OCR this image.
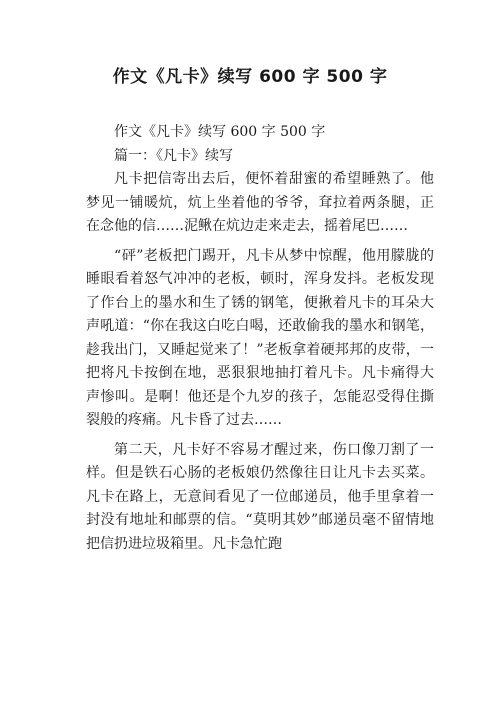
作文《凡卡》续写 600 字 500 字

作文《凡卡》续写 600 字 500 字

篇一：《凡卡》续写

凡卡把信寄出去后，便怀着甜蜜的希望睡熟了。他梦见一铺暖炕，炕上坐着他的爷爷，耷拉着两条腿，正在念他的信……泥鳅在炕边走来走去，摇着尾巴……

“砰”老板把门踢开，凡卡从梦中惊醒，他用朦胧的睡眼看着怒气冲冲的老板，顿时，浑身发抖。老板发现了作台上的墨水和生了锈的钢笔，便揪着凡卡的耳朵大声吼道：“你在我这白吃白喝，还敢偷我的墨水和钢笔，趁我出门，又睡起觉来了！”老板拿着硬邦邦的皮带，一把将凡卡按倒在地，恶狠狠地抽打着凡卡。凡卡痛得大声惨叫。是啊！他还是个九岁的孩子，怎能忍受得住撕裂般的疼痛。凡卡昏了过去……

第二天，凡卡好不容易才醒过来，伤口像刀割了一样。但是铁石心肠的老板娘仍然像往日让凡卡去买菜。凡卡在路上，无意间看见了一位邮递员，他手里拿着一封没有地址和邮票的信。“莫明其妙”邮递员毫不留情地把信扔进垃圾箱里。凡卡急忙跑
